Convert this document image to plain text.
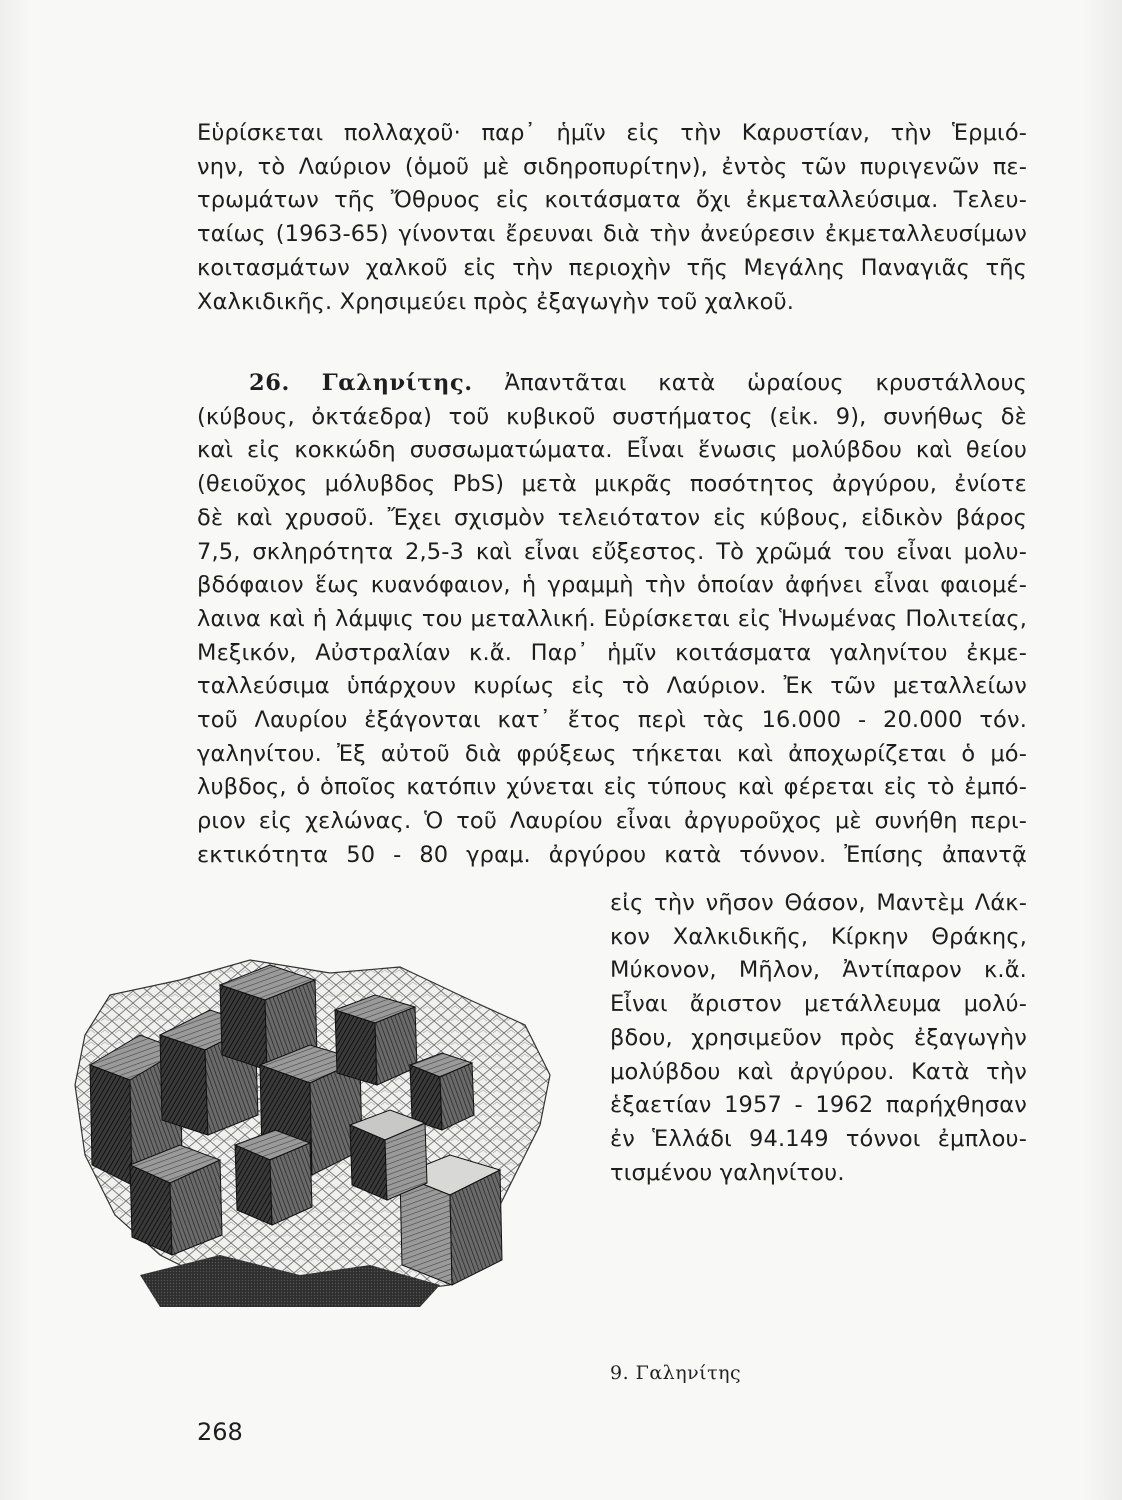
Εὑρίσκεται πολλαχοῦ· παρ᾽ ἡμῖν εἰς τὴν Καρυστίαν, τὴν Ἑρμιό-
νην, τὸ Λαύριον (ὁμοῦ μὲ σιδηροπυρίτην), ἐντὸς τῶν πυριγενῶν πε-
τρωμάτων τῆς Ὄθρυος εἰς κοιτάσματα ὄχι ἐκμεταλλεύσιμα. Τελευ-
ταίως (1963-65) γίνονται ἔρευναι διὰ τὴν ἀνεύρεσιν ἐκμεταλλευσίμων
κοιτασμάτων χαλκοῦ εἰς τὴν περιοχὴν τῆς Μεγάλης Παναγιᾶς τῆς
Χαλκιδικῆς. Χρησιμεύει πρὸς ἐξαγωγὴν τοῦ χαλκοῦ.
26. Γαληνίτης. Ἀπαντᾶται κατὰ ὡραίους κρυστάλλους
(κύβους, ὀκτάεδρα) τοῦ κυβικοῦ συστήματος (εἰκ. 9), συνήθως δὲ
καὶ εἰς κοκκώδη συσσωματώματα. Εἶναι ἕνωσις μολύβδου καὶ θείου
(θειοῦχος μόλυβδος PbS) μετὰ μικρᾶς ποσότητος ἀργύρου, ἐνίοτε
δὲ καὶ χρυσοῦ. Ἔχει σχισμὸν τελειότατον εἰς κύβους, εἰδικὸν βάρος
7,5, σκληρότητα 2,5-3 καὶ εἶναι εὔξεστος. Τὸ χρῶμά του εἶναι μολυ-
βδόφαιον ἕως κυανόφαιον, ἡ γραμμὴ τὴν ὁποίαν ἀφήνει εἶναι φαιομέ-
λαινα καὶ ἡ λάμψις του μεταλλική. Εὑρίσκεται εἰς Ἡνωμένας Πολιτείας,
Μεξικόν, Αὐστραλίαν κ.ἄ. Παρ᾽ ἡμῖν κοιτάσματα γαληνίτου ἐκμε-
ταλλεύσιμα ὑπάρχουν κυρίως εἰς τὸ Λαύριον. Ἐκ τῶν μεταλλείων
τοῦ Λαυρίου ἐξάγονται κατ᾽ ἔτος περὶ τὰς 16.000 - 20.000 τόν.
γαληνίτου. Ἐξ αὐτοῦ διὰ φρύξεως τήκεται καὶ ἀποχωρίζεται ὁ μό-
λυβδος, ὁ ὁποῖος κατόπιν χύνεται εἰς τύπους καὶ φέρεται εἰς τὸ ἐμπό-
ριον εἰς χελώνας. Ὁ τοῦ Λαυρίου εἶναι ἀργυροῦχος μὲ συνήθη περι-
εκτικότητα 50 - 80 γραμ. ἀργύρου κατὰ τόννον. Ἐπίσης ἀπαντᾷ
εἰς τὴν νῆσον Θάσον, Μαντὲμ Λάκ-
κον Χαλκιδικῆς, Κίρκην Θράκης,
Μύκονον, Μῆλον, Ἀντίπαρον κ.ἄ.
Εἶναι ἄριστον μετάλλευμα μολύ-
βδου, χρησιμεῦον πρὸς ἐξαγωγὴν
μολύβδου καὶ ἀργύρου. Κατὰ τὴν
ἑξαετίαν 1957 - 1962 παρήχθησαν
ἐν Ἑλλάδι 94.149 τόννοι ἐμπλου-
τισμένου γαληνίτου.
9. Γαληνίτης
268
